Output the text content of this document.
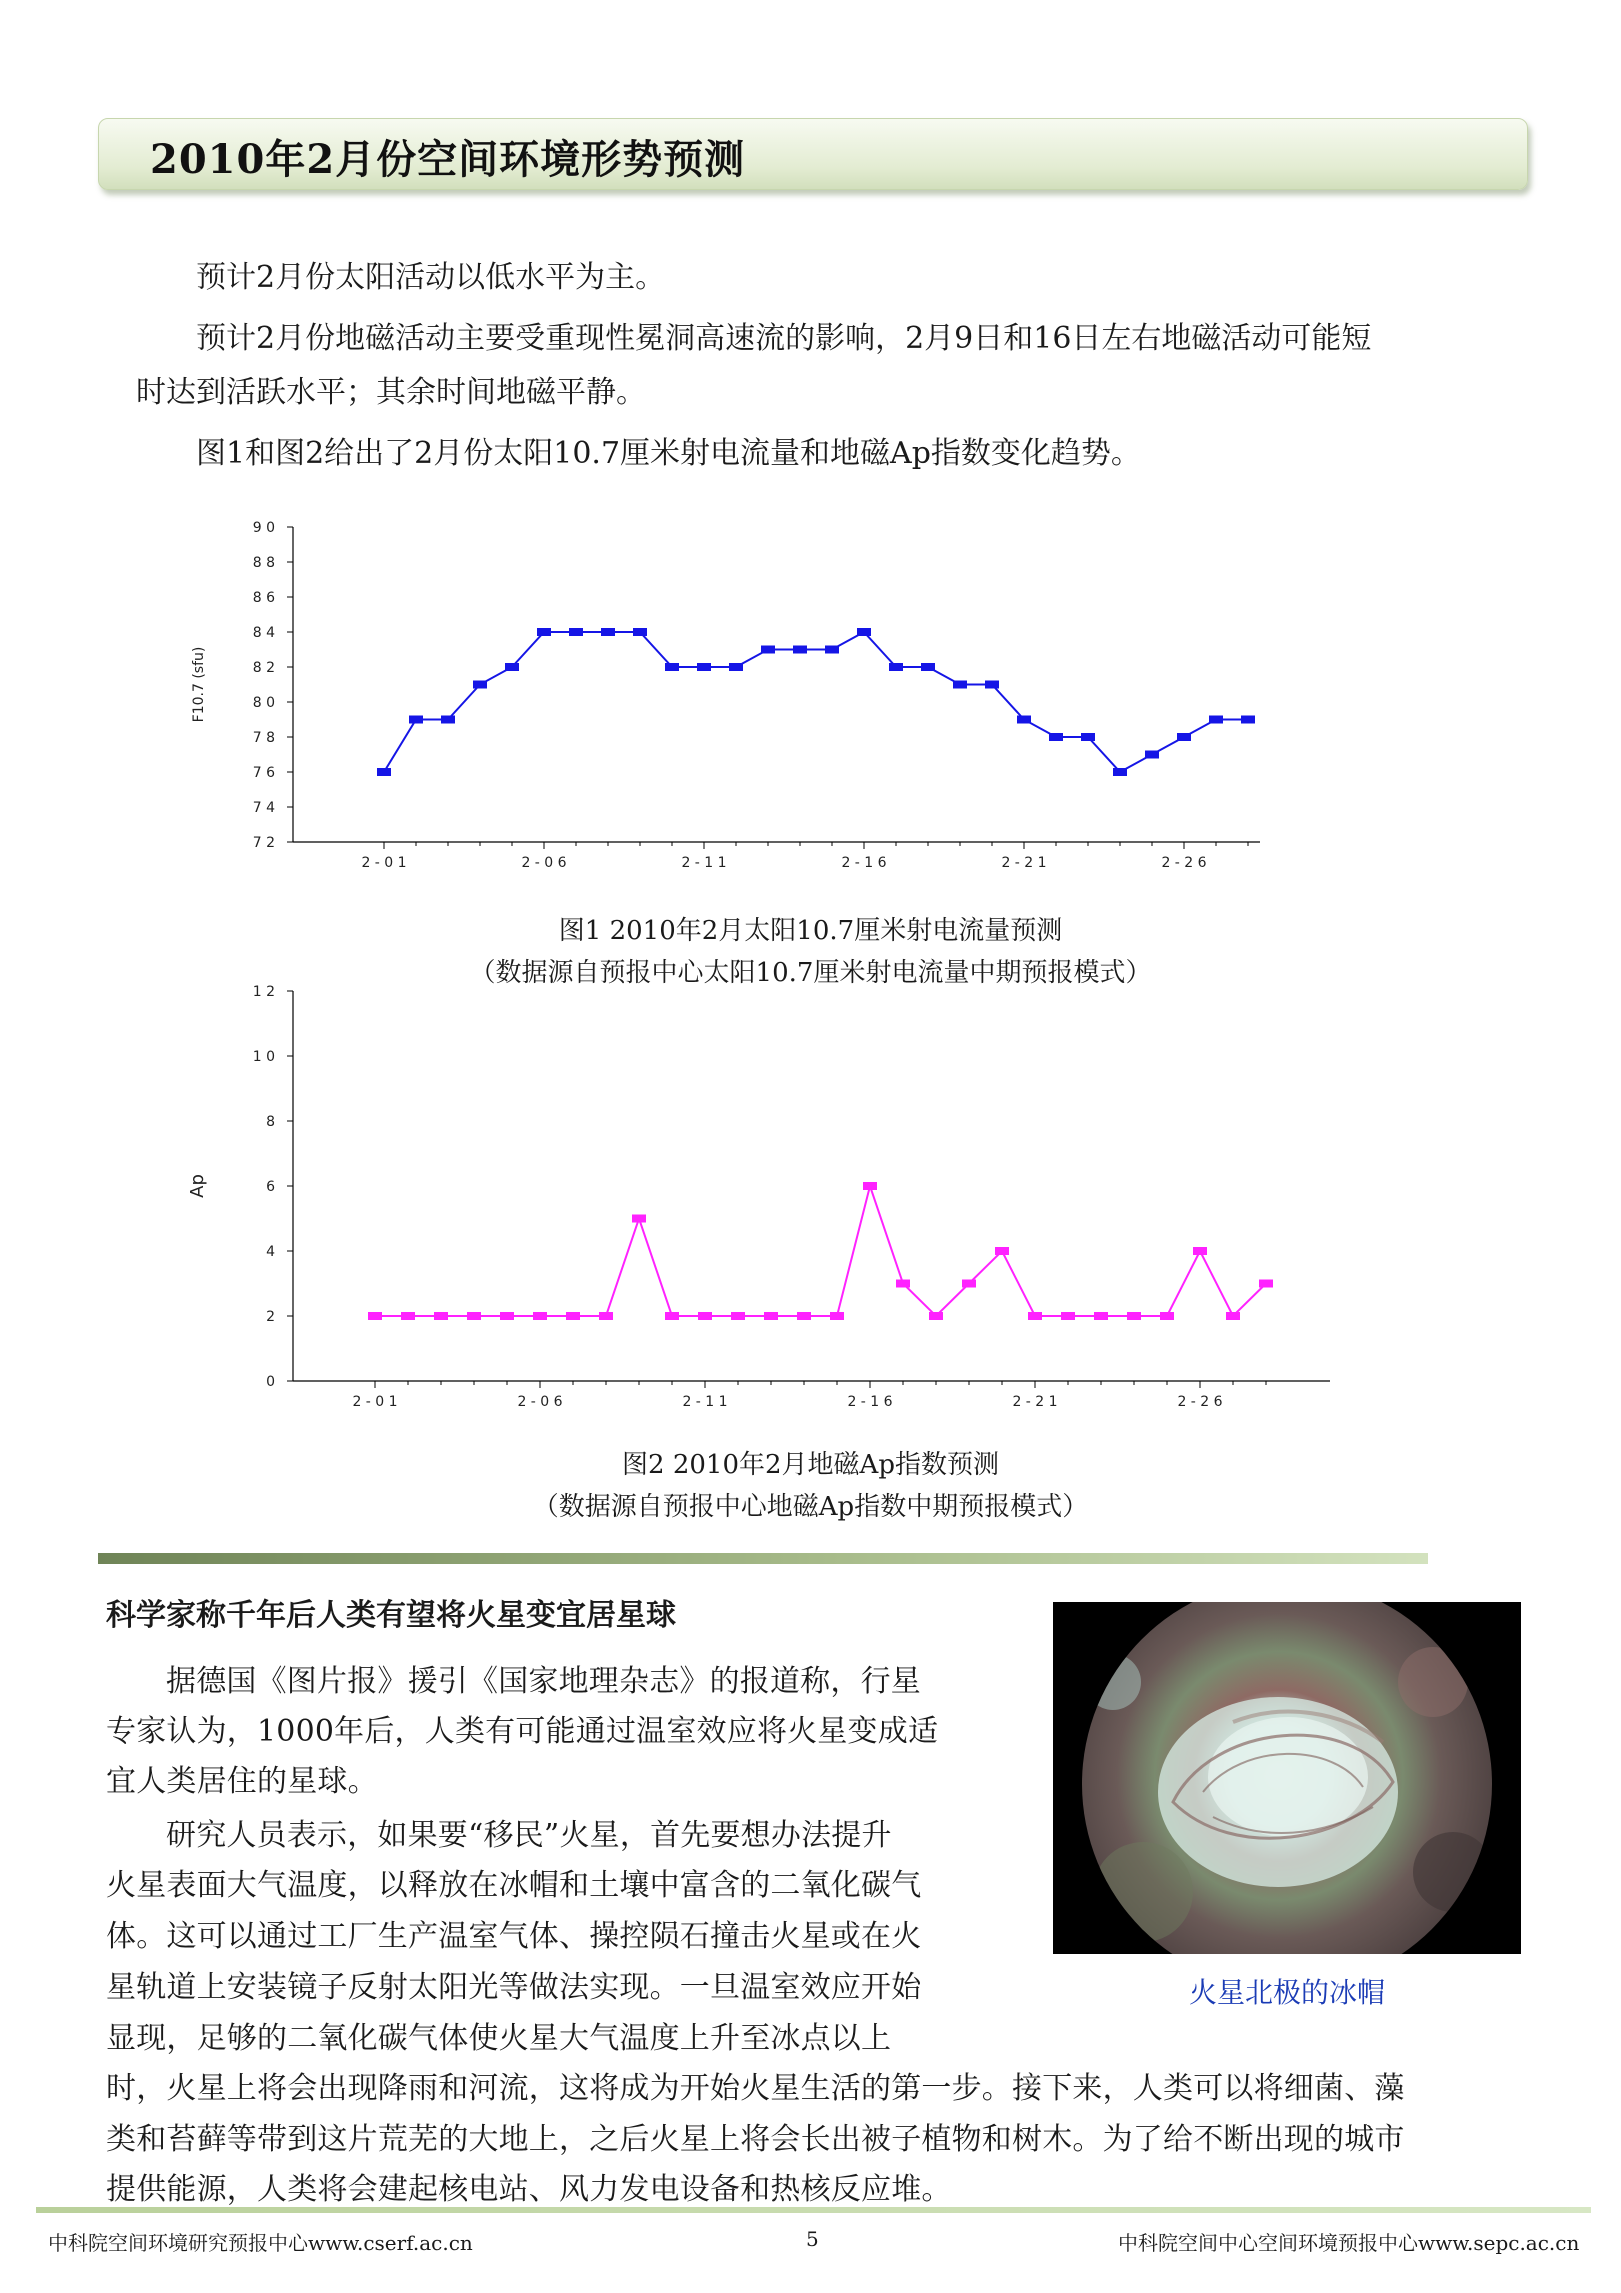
2010年2月份空间环境形势预测
预计2月份太阳活动以低水平为主。
预计2月份地磁活动主要受重现性冕洞高速流的影响，2月9日和16日左右地磁活动可能短
时达到活跃水平；其余时间地磁平静。
图1和图2给出了2月份太阳10.7厘米射电流量和地磁Ap指数变化趋势。
7 2
7 4
7 6
7 8
8 0
8 2
8 4
8 6
8 8
9 0
2 - 0 1	2 - 0 6	2 - 1 1	2 - 1 6	2 - 2 1	2 - 2 6
F10.7 (sfu)
图1 2010年2月太阳10.7厘米射电流量预测
（数据源自预报中心太阳10.7厘米射电流量中期预报模式）
0
2
4
6
8
1 0
1 2
2 - 0 1	2 - 0 6	2 - 1 1	2 - 1 6	2 - 2 1	2 - 2 6
Ap
图2 2010年2月地磁Ap指数预测
（数据源自预报中心地磁Ap指数中期预报模式）
科学家称千年后人类有望将火星变宜居星球
据德国《图片报》援引《国家地理杂志》的报道称，行星
专家认为，1000年后，人类有可能通过温室效应将火星变成适
宜人类居住的星球。
研究人员表示，如果要“移民”火星，首先要想办法提升
火星表面大气温度，以释放在冰帽和土壤中富含的二氧化碳气
体。这可以通过工厂生产温室气体、操控陨石撞击火星或在火
星轨道上安装镜子反射太阳光等做法实现。一旦温室效应开始
显现，足够的二氧化碳气体使火星大气温度上升至冰点以上
时，火星上将会出现降雨和河流，这将成为开始火星生活的第一步。接下来，人类可以将细菌、藻
类和苔藓等带到这片荒芜的大地上，之后火星上将会长出被子植物和树木。为了给不断出现的城市
提供能源，人类将会建起核电站、风力发电设备和热核反应堆。
火星北极的冰帽
中科院空间环境研究预报中心www.cserf.ac.cn	5	中科院空间中心空间环境预报中心www.sepc.ac.cn
